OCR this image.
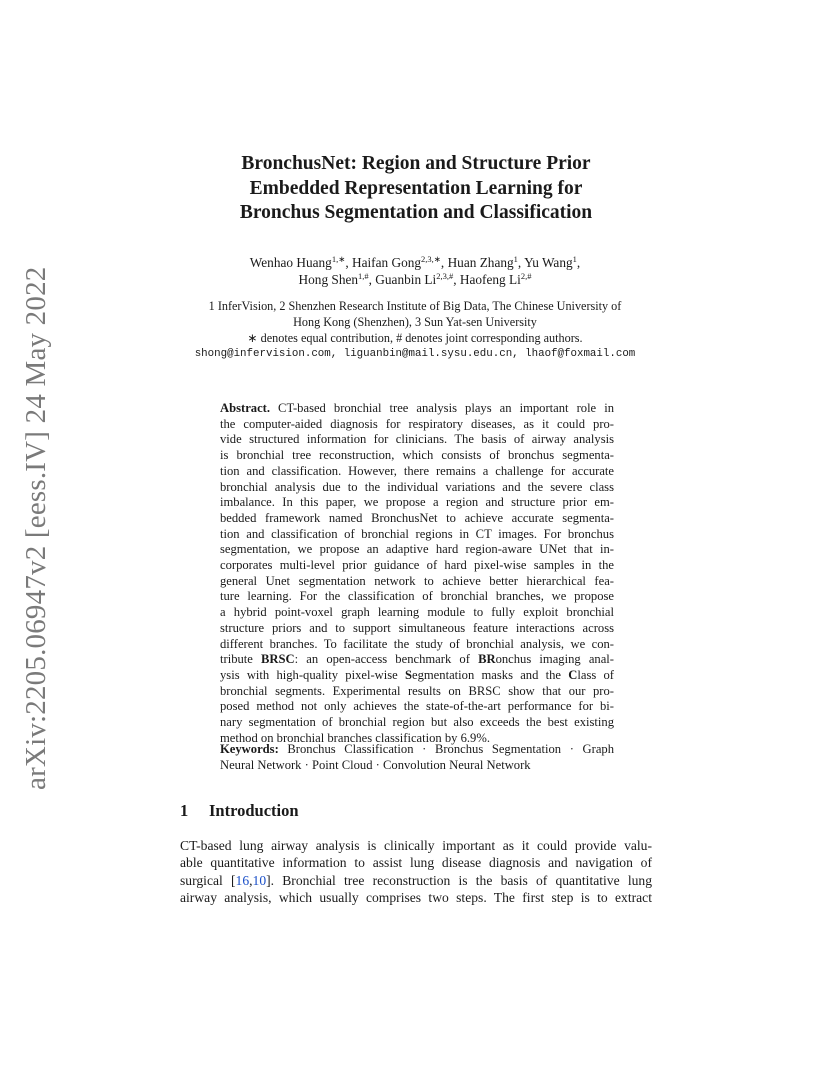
arXiv:2205.06947v2 [eess.IV] 24 May 2022
BronchusNet: Region and Structure Prior
Embedded Representation Learning for
Bronchus Segmentation and Classification
Wenhao Huang$^{1,∗}$, Haifan Gong$^{2,3,∗}$, Huan Zhang$^1$, Yu Wang$^1$,
Hong Shen$^{1,\#}$, Guanbin $Li^{2,3,\#}$, Haofeng $Li^{2,\#}$
1 InferVision, 2 Shenzhen Research Institute of Big Data, The Chinese University of
Hong Kong (Shenzhen), 3 Sun Yat-sen University
∗ denotes equal contribution, # denotes joint corresponding authors.
shong@infervision.com, liguanbin@mail.sysu.edu.cn, lhaof@foxmail.com
Abstract. CT-based bronchial tree analysis plays an important role in
the computer-aided diagnosis for respiratory diseases, as it could pro-
vide structured information for clinicians. The basis of airway analysis
is bronchial tree reconstruction, which consists of bronchus segmenta-
tion and classification. However, there remains a challenge for accurate
bronchial analysis due to the individual variations and the severe class
imbalance. In this paper, we propose a region and structure prior em-
bedded framework named BronchusNet to achieve accurate segmenta-
tion and classification of bronchial regions in CT images. For bronchus
segmentation, we propose an adaptive hard region-aware UNet that in-
corporates multi-level prior guidance of hard pixel-wise samples in the
general Unet segmentation network to achieve better hierarchical fea-
ture learning. For the classification of bronchial branches, we propose
a hybrid point-voxel graph learning module to fully exploit bronchial
structure priors and to support simultaneous feature interactions across
different branches. To facilitate the study of bronchial analysis, we con-
tribute BRSC: an open-access benchmark of BRonchus imaging anal-
ysis with high-quality pixel-wise Segmentation masks and the Class of
bronchial segments. Experimental results on BRSC show that our pro-
posed method not only achieves the state-of-the-art performance for bi-
nary segmentation of bronchial region but also exceeds the best existing
method on bronchial branches classification by 6.9%.
Keywords: Bronchus Classification · Bronchus Segmentation · Graph
Neural Network · Point Cloud · Convolution Neural Network
1 Introduction
CT-based lung airway analysis is clinically important as it could provide valu-
able quantitative information to assist lung disease diagnosis and navigation of
surgical [16,10]. Bronchial tree reconstruction is the basis of quantitative lung
airway analysis, which usually comprises two steps. The first step is to extract
